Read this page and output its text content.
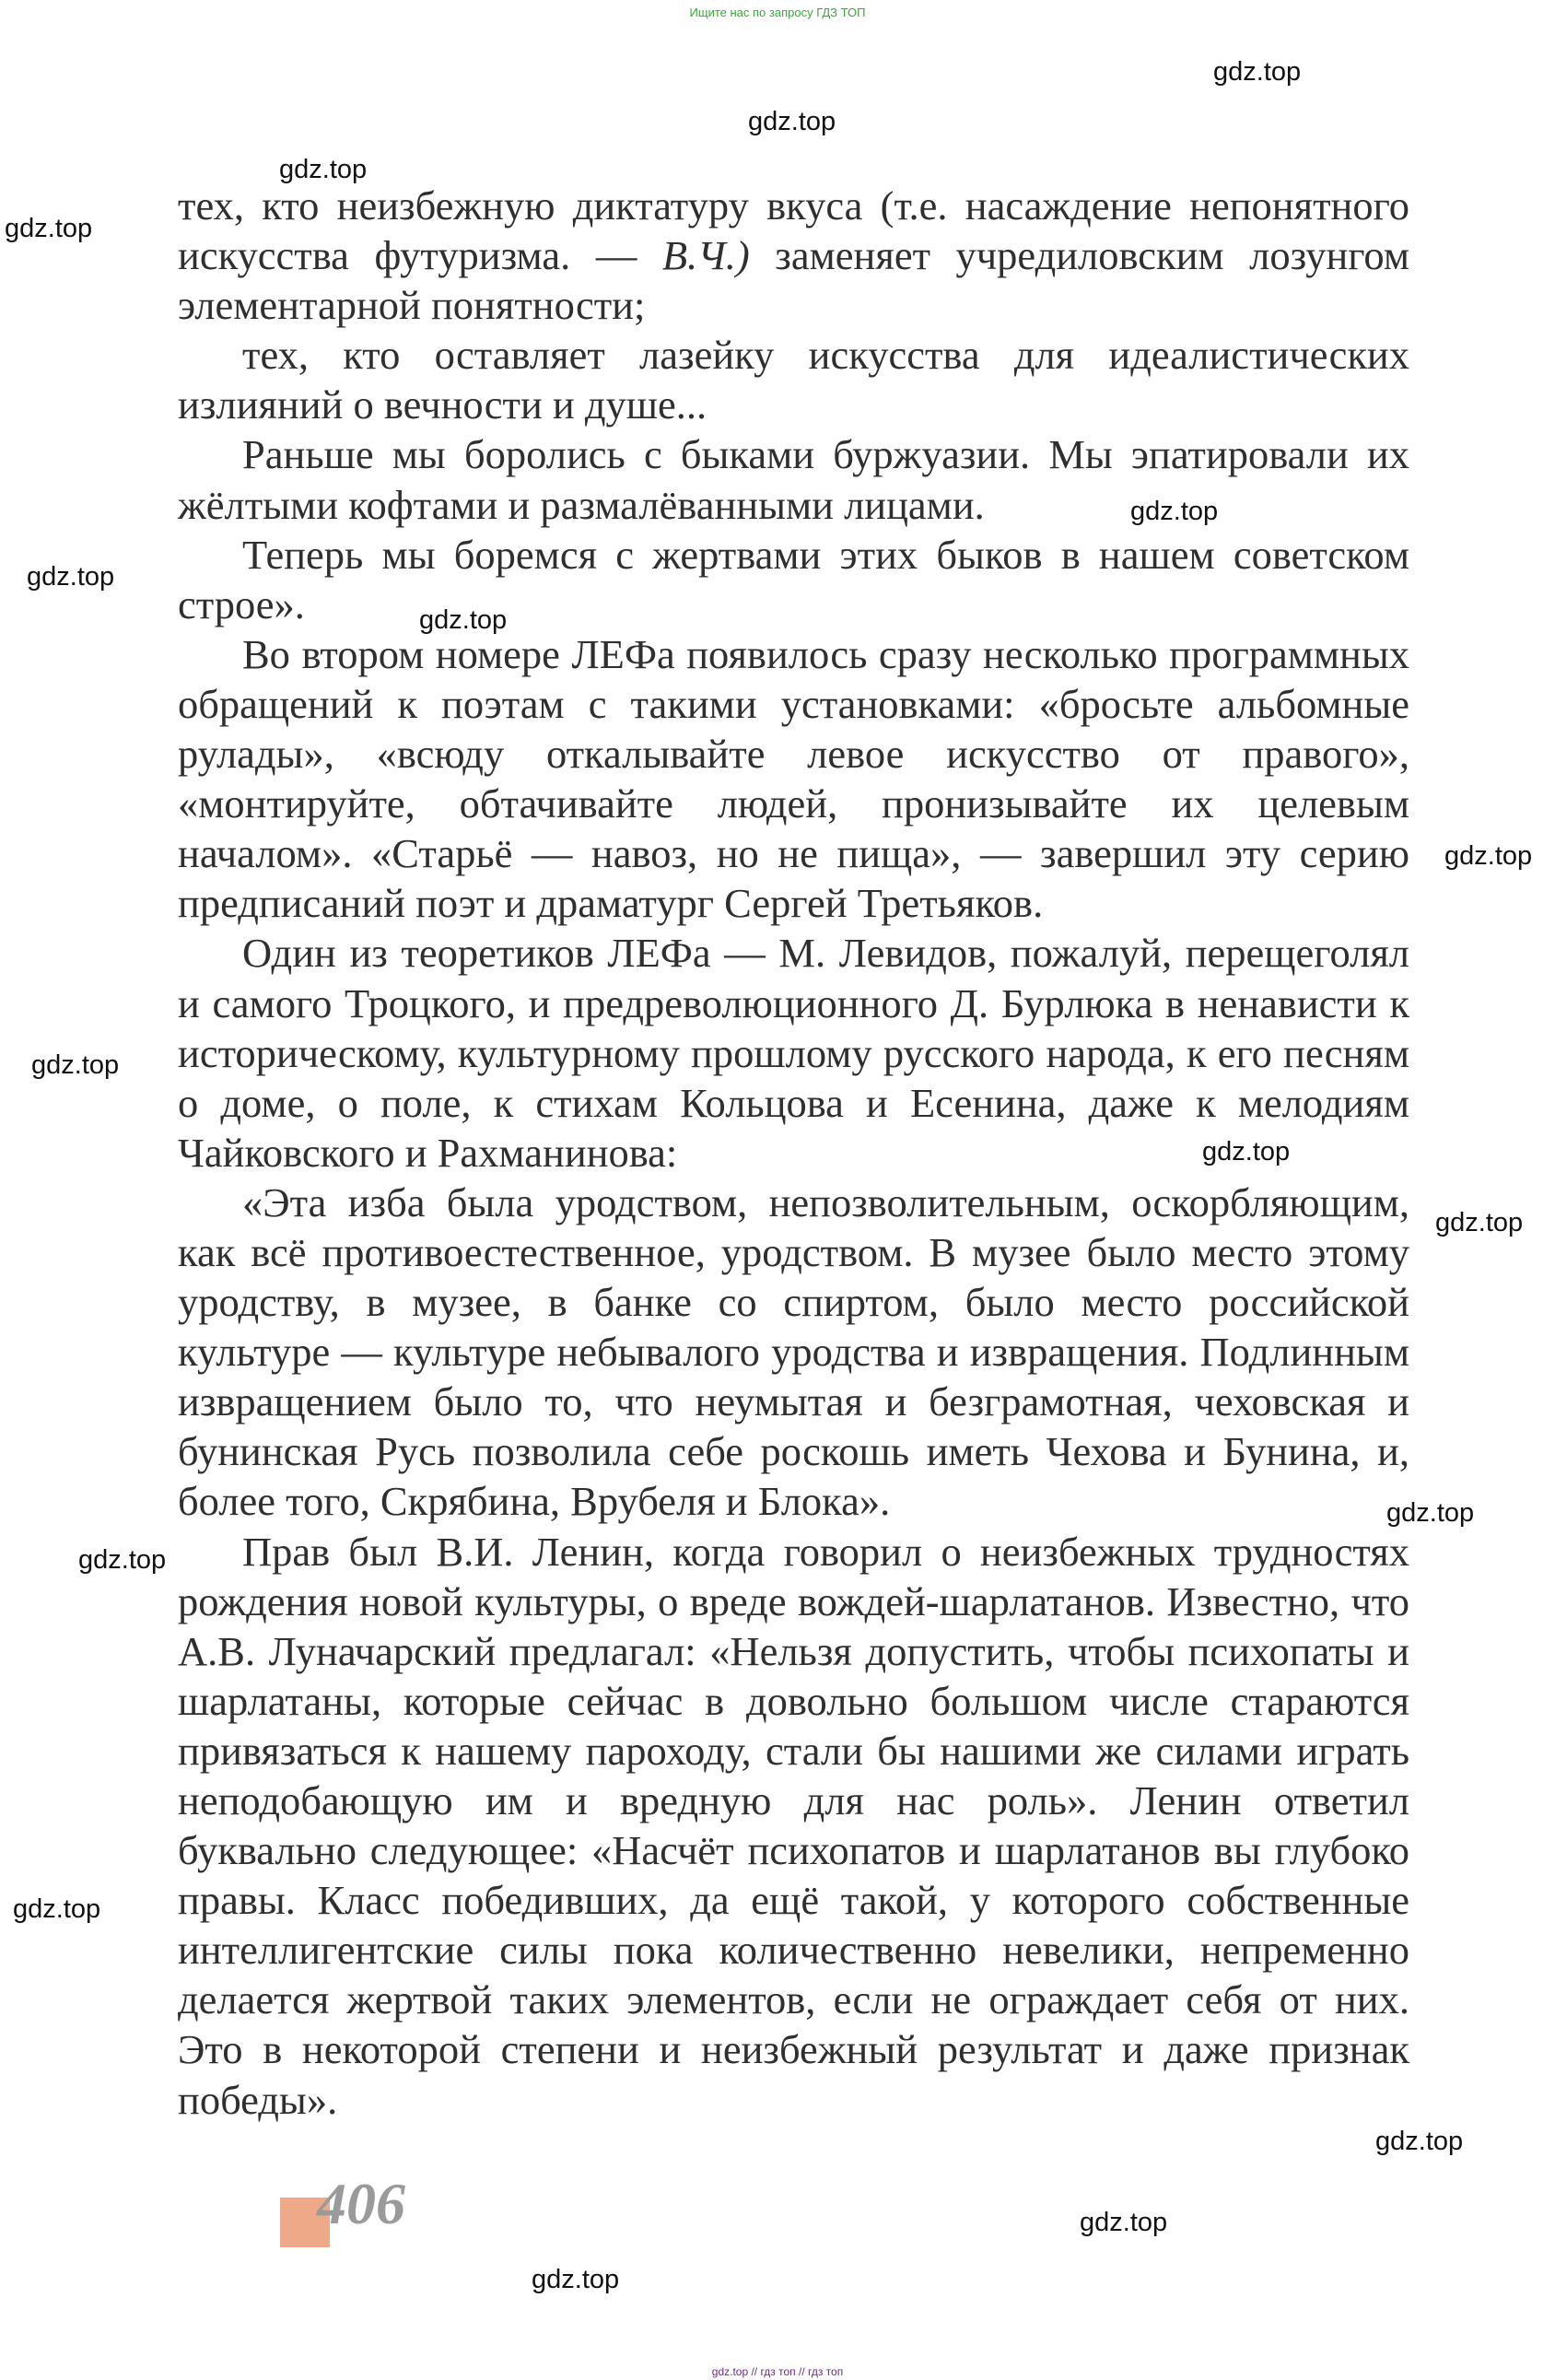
Ищите нас по запросу ГДЗ ТОП

тех, кто неизбежную диктатуру вкуса (т.е. насаждение непонятного искусства футуризма. — В.Ч.) заменяет учредиловским лозунгом элементарной понятности;

тех, кто оставляет лазейку искусства для идеалистических излияний о вечности и душе...

Раньше мы боролись с быками буржуазии. Мы эпатировали их жёлтыми кофтами и размалёванными лицами.

Теперь мы боремся с жертвами этих быков в нашем советском строе».

Во втором номере ЛЕФа появилось сразу несколько программных обращений к поэтам с такими установками: «бросьте альбомные рулады», «всюду откалывайте левое искусство от правого», «монтируйте, обтачивайте людей, пронизывайте их целевым началом». «Старьё — навоз, но не пища», — завершил эту серию предписаний поэт и драматург Сергей Третьяков.

Один из теоретиков ЛЕФа — М. Левидов, пожалуй, перещеголял и самого Троцкого, и предреволюционного Д. Бурлюка в ненависти к историческому, культурному прошлому русского народа, к его песням о доме, о поле, к стихам Кольцова и Есенина, даже к мелодиям Чайковского и Рахманинова:

«Эта изба была уродством, непозволительным, оскорбляющим, как всё противоестественное, уродством. В музее было место этому уродству, в музее, в банке со спиртом, было место российской культуре — культуре небывалого уродства и извращения. Подлинным извращением было то, что неумытая и безграмотная, чеховская и бунинская Русь позволила себе роскошь иметь Чехова и Бунина, и, более того, Скрябина, Врубеля и Блока».

Прав был В.И. Ленин, когда говорил о неизбежных трудностях рождения новой культуры, о вреде вождей-шарлатанов. Известно, что А.В. Луначарский предлагал: «Нельзя допустить, чтобы психопаты и шарлатаны, которые сейчас в довольно большом числе стараются привязаться к нашему пароходу, стали бы нашими же силами играть неподобающую им и вредную для нас роль». Ленин ответил буквально следующее: «Насчёт психопатов и шарлатанов вы глубоко правы. Класс победивших, да ещё такой, у которого собственные интеллигентские силы пока количественно невелики, непременно делается жертвой таких элементов, если не ограждает себя от них. Это в некоторой степени и неизбежный результат и даже признак победы».

gdz.top
gdz.top
gdz.top
gdz.top
gdz.top
gdz.top
gdz.top
gdz.top
gdz.top
gdz.top
gdz.top
gdz.top
gdz.top
gdz.top
gdz.top
gdz.top
gdz.top
406
gdz.top // гдз топ // гдз топ
